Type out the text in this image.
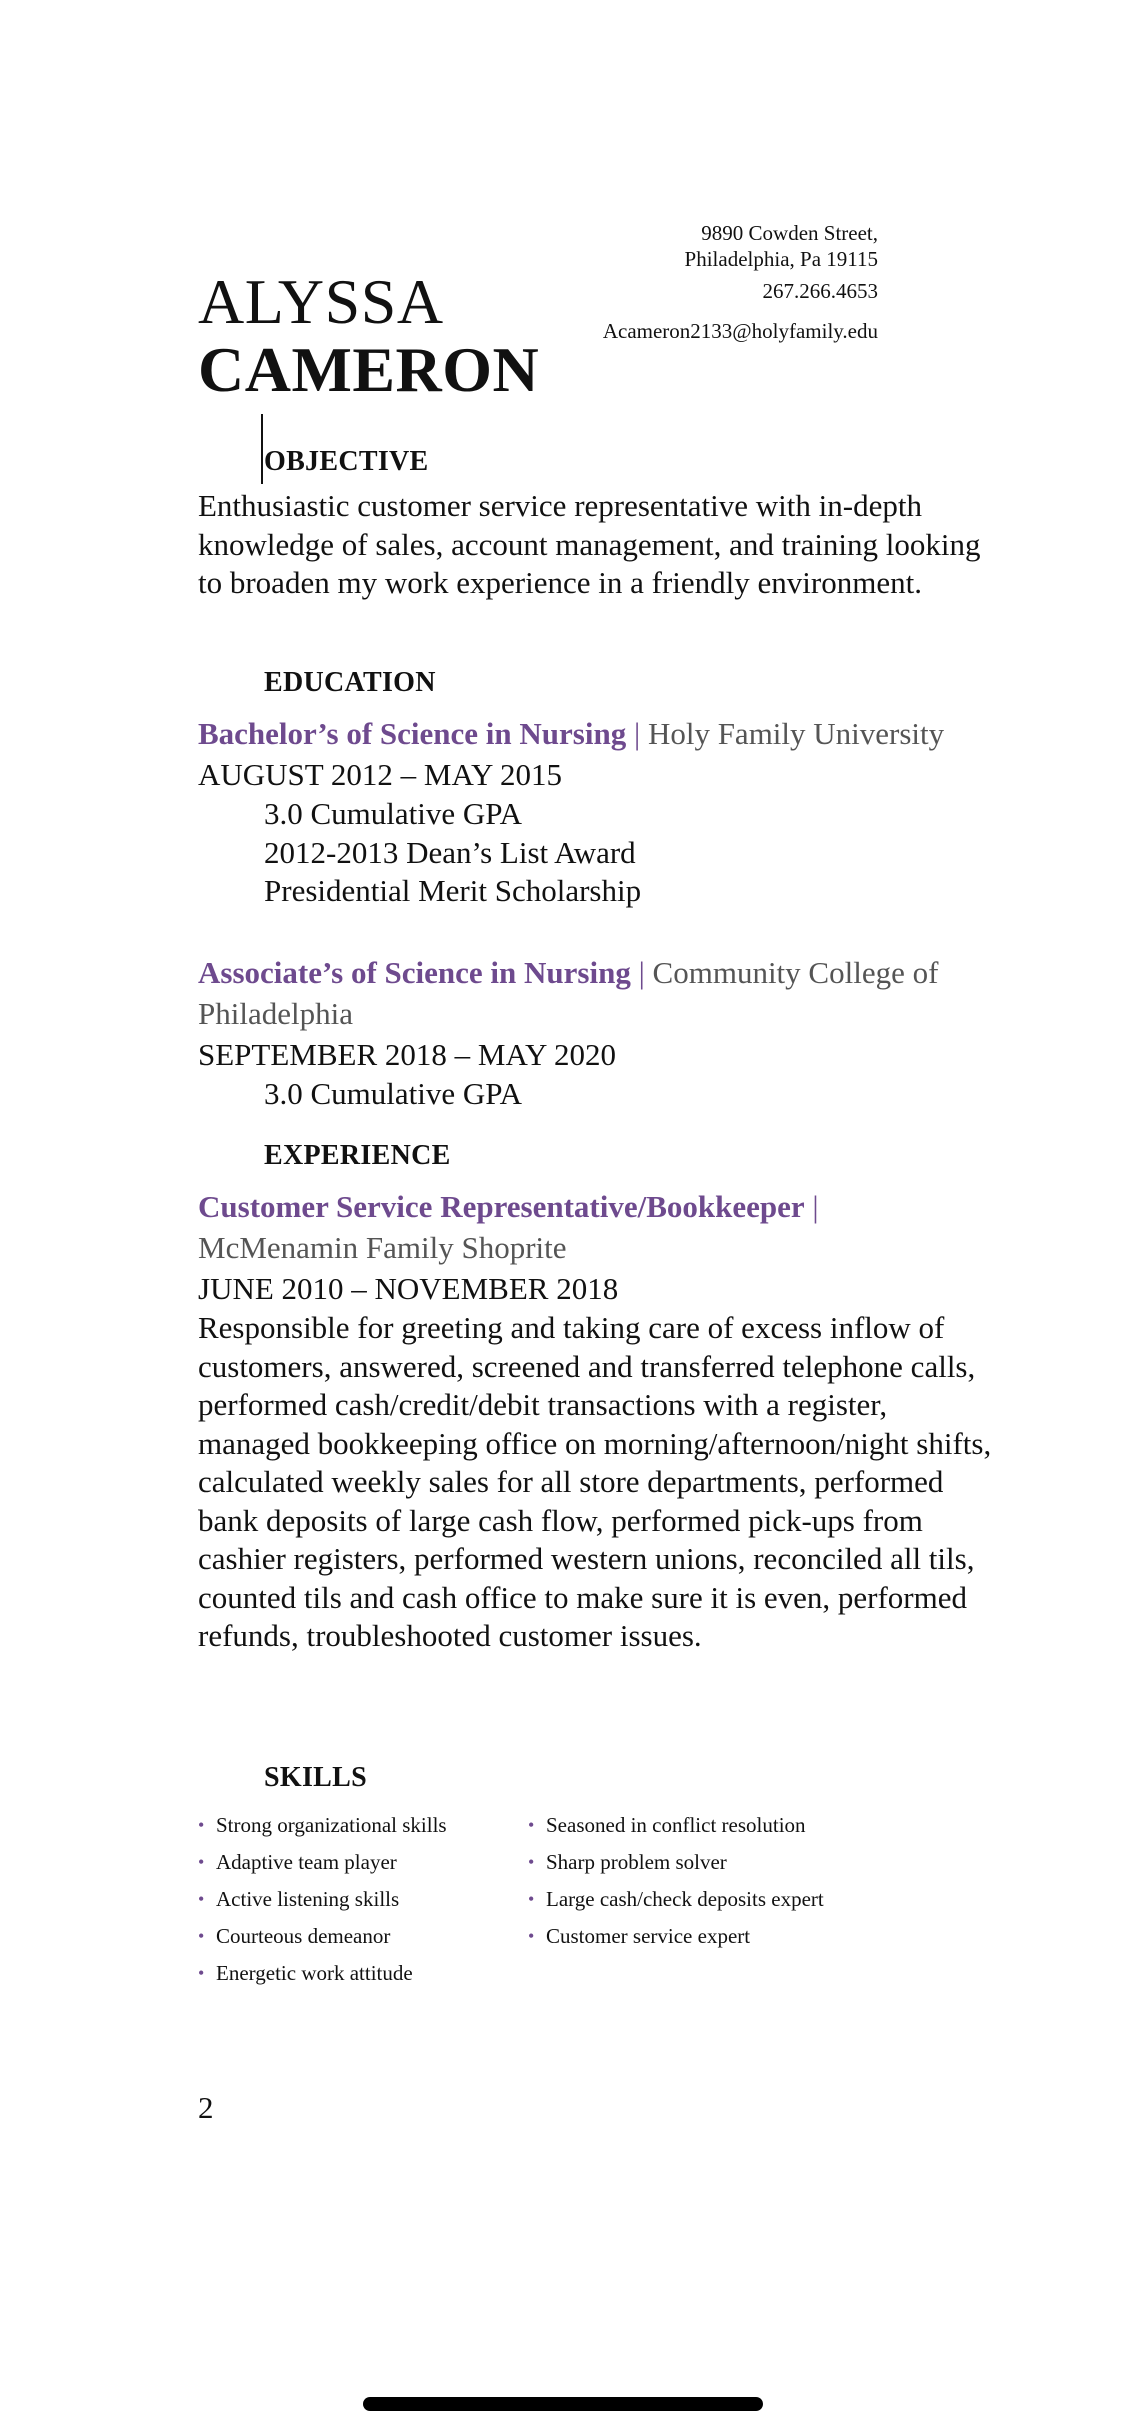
9890 Cowden Street,
Philadelphia, Pa 19115
267.266.4653
Acameron2133@holyfamily.edu
ALYSSA
CAMERON
OBJECTIVE
Enthusiastic customer service representative with in-depth knowledge of sales, account management, and training looking to broaden my work experience in a friendly environment.
EDUCATION
Bachelor’s of Science in Nursing | Holy Family University
AUGUST 2012 – MAY 2015
3.0 Cumulative GPA
2012-2013 Dean’s List Award
Presidential Merit Scholarship
Associate’s of Science in Nursing | Community College of Philadelphia
SEPTEMBER 2018 – MAY 2020
3.0 Cumulative GPA
EXPERIENCE
Customer Service Representative/Bookkeeper |
McMenamin Family Shoprite
JUNE 2010 – NOVEMBER 2018
Responsible for greeting and taking care of excess inflow of customers, answered, screened and transferred telephone calls, performed cash/credit/debit transactions with a register, managed bookkeeping office on morning/afternoon/night shifts, calculated weekly sales for all store departments, performed bank deposits of large cash flow, performed pick-ups from cashier registers, performed western unions, reconciled all tils, counted tils and cash office to make sure it is even, performed refunds, troubleshooted customer issues.
SKILLS
• Strong organizational skills	• Seasoned in conflict resolution
• Adaptive team player	• Sharp problem solver
• Active listening skills	• Large cash/check deposits expert
• Courteous demeanor	• Customer service expert
• Energetic work attitude
2
